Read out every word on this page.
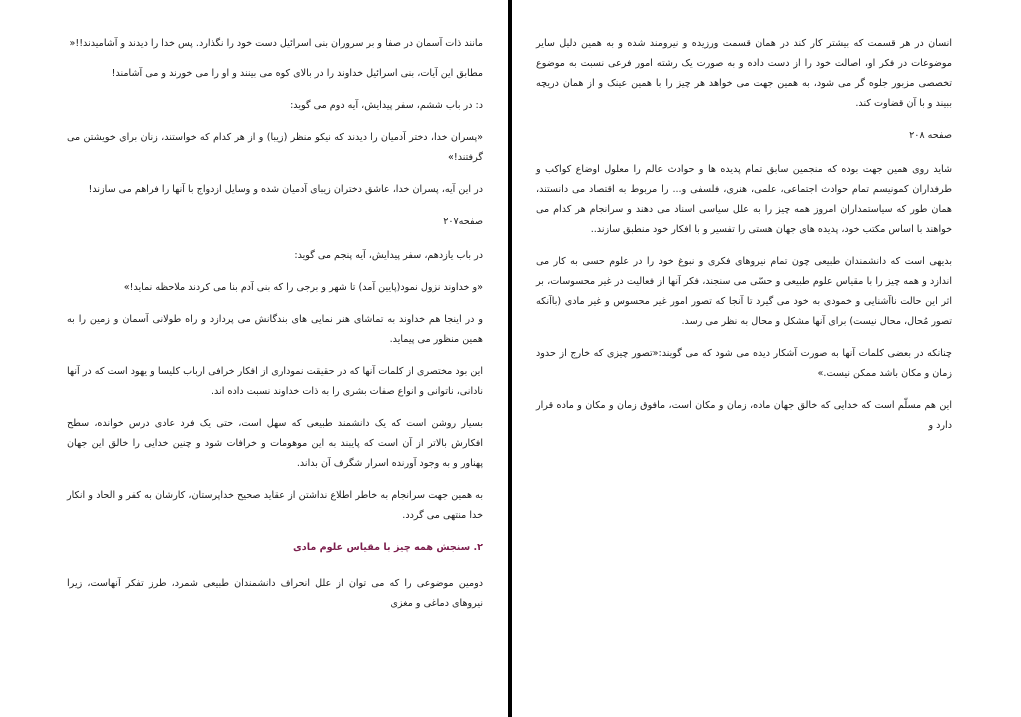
مانند ذات آسمان در صفا و بر سروران بنی اسرائیل دست خود را نگذارد. پس خدا را دیدند و آشامیدند!!«

مطابق این آیات، بنی اسرائیل خداوند را در بالای کوه می بینند و او را می خورند و می آشامند!

د: در باب ششم، سفر پیدایش، آیه دوم می گوید:

«پسران خدا، دختر آدمیان را دیدند که نیکو منظر (زیبا) و از هر کدام که خواستند، زنان برای خویشتن می گرفتند!»

در این آیه، پسران خدا، عاشق دختران زیبای آدمیان شده و وسایل ازدواج با آنها را فراهم می سازند!

صفحه۲۰۷

در باب یازدهم، سفر پیدایش، آیه پنجم می گوید:

«و خداوند نزول نمود(پایین آمد) تا شهر و برجی را که بنی آدم بنا می کردند ملاحظه نماید!»

و در اینجا هم خداوند به تماشای هنر نمایی های بندگانش می پردازد و راه طولانی آسمان و زمین را به همین منظور می پیماید.

این بود مختصری از کلمات آنها که در حقیقت نموداری از افکار خرافی ارباب کلیسا و یهود است که در آنها نادانی، ناتوانی و انواع صفات بشری را به ذات خداوند نسبت داده اند.

بسیار روشن است که یک دانشمند طبیعی که سهل است، حتی یک فرد عادی درس خوانده، سطح افکارش بالاتر از آن است که پایبند به این موهومات و خرافات شود و چنین خدایی را خالق این جهان پهناور و به وجود آورنده اسرار شگرف آن بداند.

به همین جهت سرانجام به خاطر اطلاع نداشتن از عقاید صحیح خداپرستان، کارشان به کفر و الحاد و انکار خدا منتهی می گردد.

۲. سنجش همه چیز با مقیاس علوم مادی

دومین موضوعی را که می توان از علل انحراف دانشمندان طبیعی شمرد، طرز تفکر آنهاست، زیرا نیروهای دماغی و مغزی

انسان در هر قسمت که بیشتر کار کند در همان قسمت ورزیده و نیرومند شده و به همین دلیل سایر موضوعات در فکر او، اصالت خود را از دست داده و به صورت یک رشته امور فرعی نسبت به موضوع تخصصی مزبور جلوه گر می شود، به همین جهت می خواهد هر چیز را با همین عینک و از همان دریچه ببیند و با آن قضاوت کند.

صفحه ۲۰۸

شاید روی همین جهت بوده که منجمین سابق تمام پدیده ها و حوادث عالم را معلول اوضاع کواکب و طرفداران کمونیسم تمام حوادث اجتماعی، علمی، هنری، فلسفی و... را مربوط به اقتصاد می دانستند، همان طور که سیاستمداران امروز همه چیز را به علل سیاسی اسناد می دهند و سرانجام هر کدام می خواهند با اساس مکتب خود، پدیده های جهان هستی را تفسیر و با افکار خود منطبق سازند..

بدیهی است که دانشمندان طبیعی چون تمام نیروهای فکری و نبوغ خود را در علوم حسی به کار می اندازد و همه چیز را با مقیاس علوم طبیعی و حسّی می سنجند، فکر آنها از فعالیت در غیر محسوسات، بر اثر این حالت ناآشنایی و خمودی به خود می گیرد تا آنجا که تصور امور غیر محسوس و غیر مادی (باآنکه تصور مُحال، محال نیست) برای آنها مشکل و محال به نظر می رسد.

چنانکه در بعضی کلمات آنها به صورت آشکار دیده می شود که می گویند:«تصور چیزی که خارج از حدود زمان و مکان باشد ممکن نیست.»

این هم مسلّم است که خدایی که خالق جهان ماده، زمان و مکان است، مافوق زمان و مکان و ماده قرار دارد و
